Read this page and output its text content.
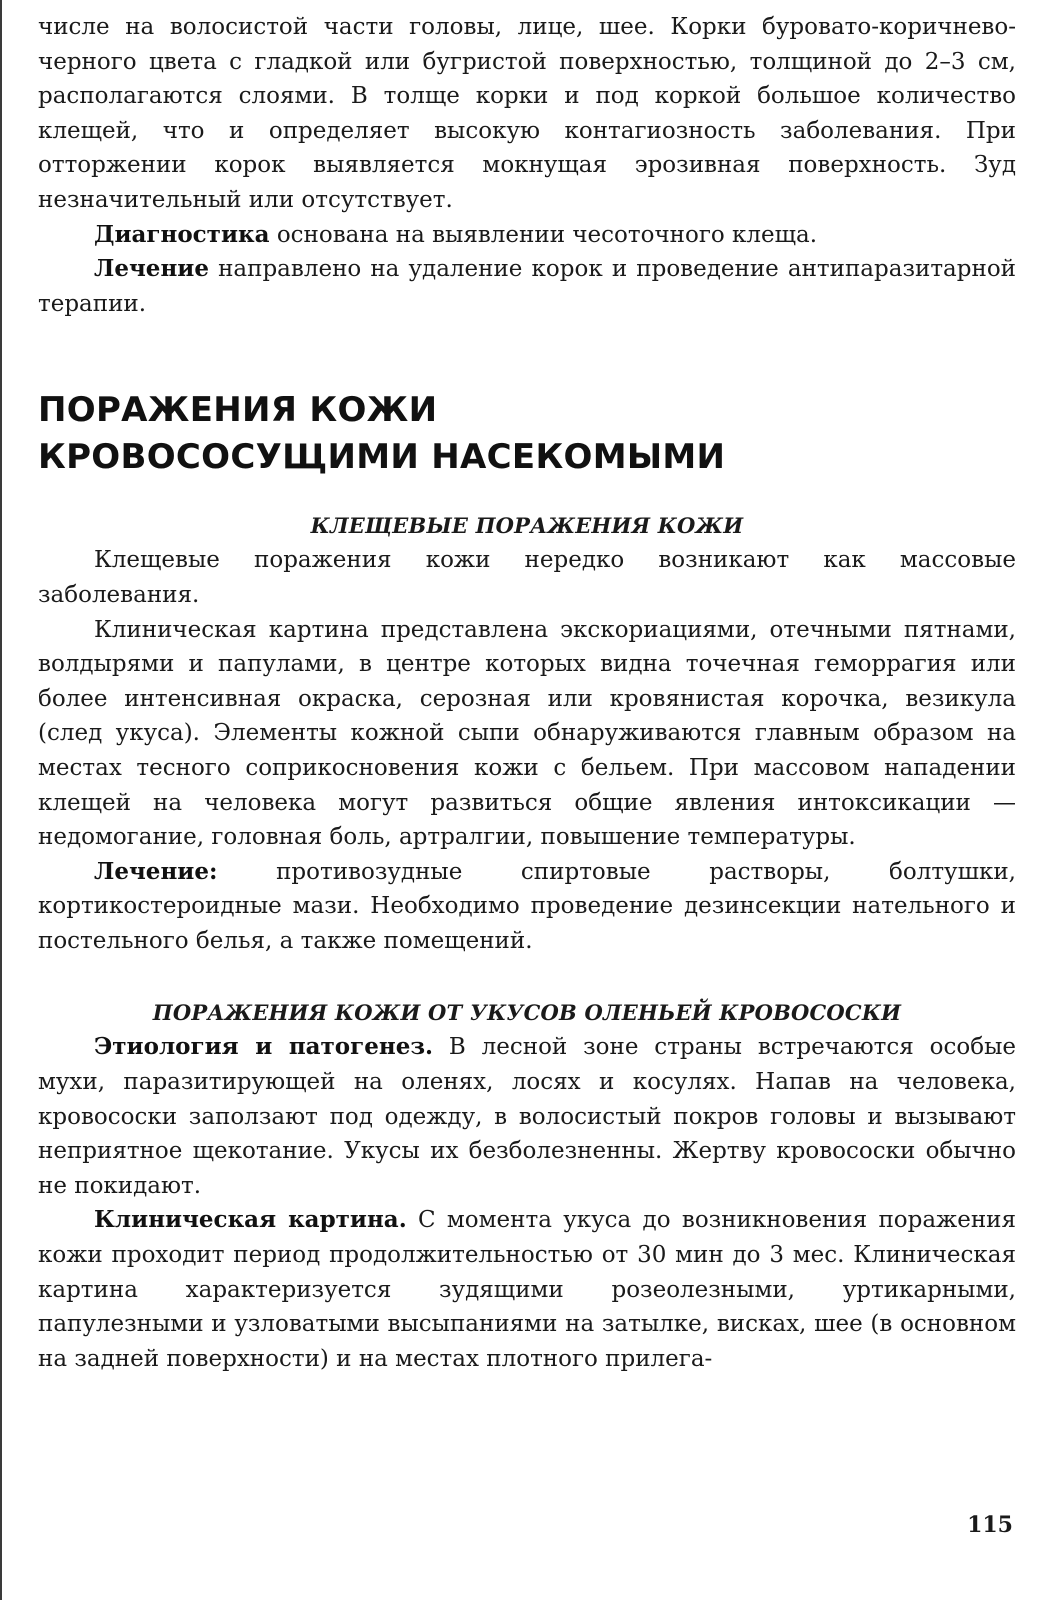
числе на волосистой части головы, лице, шее. Корки буровато-коричнево-черного цвета с гладкой или бугристой поверхностью, толщиной до 2–3 см, располагаются слоями. В толще корки и под коркой большое количество клещей, что и определяет высокую контагиозность заболевания. При отторжении корок выявляется мокнущая эрозивная поверхность. Зуд незначительный или отсутствует.

Диагностика основана на выявлении чесоточного клеща.

Лечение направлено на удаление корок и проведение антипаразитарной терапии.

ПОРАЖЕНИЯ КОЖИ
КРОВОСОСУЩИМИ НАСЕКОМЫМИ
КЛЕЩЕВЫЕ ПОРАЖЕНИЯ КОЖИ

Клещевые поражения кожи нередко возникают как массовые заболевания.

Клиническая картина представлена экскориациями, отечными пятнами, волдырями и папулами, в центре которых видна точечная геморрагия или более интенсивная окраска, серозная или кровянистая корочка, везикула (след укуса). Элементы кожной сыпи обнаруживаются главным образом на местах тесного соприкосновения кожи с бельем. При массовом нападении клещей на человека могут развиться общие явления интоксикации — недомогание, головная боль, артралгии, повышение температуры.

Лечение: противозудные спиртовые растворы, болтушки, кортикостероидные мази. Необходимо проведение дезинсекции нательного и постельного белья, а также помещений.

ПОРАЖЕНИЯ КОЖИ ОТ УКУСОВ ОЛЕНЬЕЙ КРОВОСОСКИ

Этиология и патогенез. В лесной зоне страны встречаются особые мухи, паразитирующей на оленях, лосях и косулях. Напав на человека, кровососки заползают под одежду, в волосистый покров головы и вызывают неприятное щекотание. Укусы их безболезненны. Жертву кровососки обычно не покидают.

Клиническая картина. С момента укуса до возникновения поражения кожи проходит период продолжительностью от 30 мин до 3 мес. Клиническая картина характеризуется зудящими розеолезными, уртикарными, папулезными и узловатыми высыпаниями на затылке, висках, шее (в основном на задней поверхности) и на местах плотного прилега-

115
